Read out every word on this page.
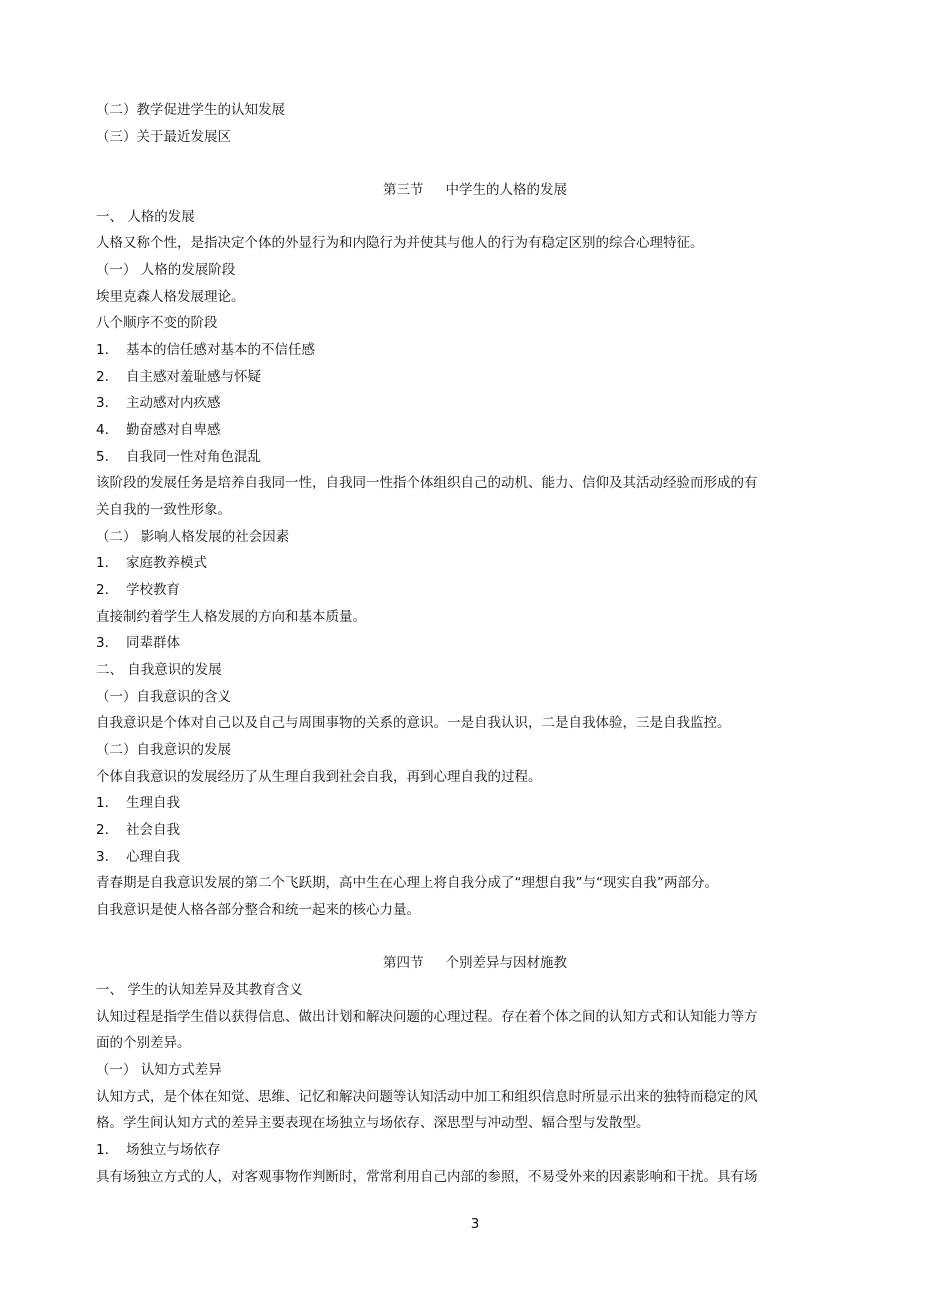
（二）教学促进学生的认知发展
（三）关于最近发展区
第三节 中学生的人格的发展
一、 人格的发展
人格又称个性，是指决定个体的外显行为和内隐行为并使其与他人的行为有稳定区别的综合心理特征。
（一） 人格的发展阶段
埃里克森人格发展理论。
八个顺序不变的阶段
1. 基本的信任感对基本的不信任感
2. 自主感对羞耻感与怀疑
3. 主动感对内疚感
4. 勤奋感对自卑感
5. 自我同一性对角色混乱
该阶段的发展任务是培养自我同一性，自我同一性指个体组织自己的动机、能力、信仰及其活动经验而形成的有
关自我的一致性形象。
（二） 影响人格发展的社会因素
1. 家庭教养模式
2. 学校教育
直接制约着学生人格发展的方向和基本质量。
3. 同辈群体
二、 自我意识的发展
（一）自我意识的含义
自我意识是个体对自己以及自己与周围事物的关系的意识。一是自我认识，二是自我体验，三是自我监控。
（二）自我意识的发展
个体自我意识的发展经历了从生理自我到社会自我，再到心理自我的过程。
1. 生理自我
2. 社会自我
3. 心理自我
青春期是自我意识发展的第二个飞跃期，高中生在心理上将自我分成了“理想自我”与“现实自我”两部分。
自我意识是使人格各部分整合和统一起来的核心力量。
第四节 个别差异与因材施教
一、 学生的认知差异及其教育含义
认知过程是指学生借以获得信息、做出计划和解决问题的心理过程。存在着个体之间的认知方式和认知能力等方
面的个别差异。
（一） 认知方式差异
认知方式，是个体在知觉、思维、记忆和解决问题等认知活动中加工和组织信息时所显示出来的独特而稳定的风
格。学生间认知方式的差异主要表现在场独立与场依存、深思型与冲动型、辐合型与发散型。
1. 场独立与场依存
具有场独立方式的人，对客观事物作判断时，常常利用自己内部的参照，不易受外来的因素影响和干扰。具有场
3
